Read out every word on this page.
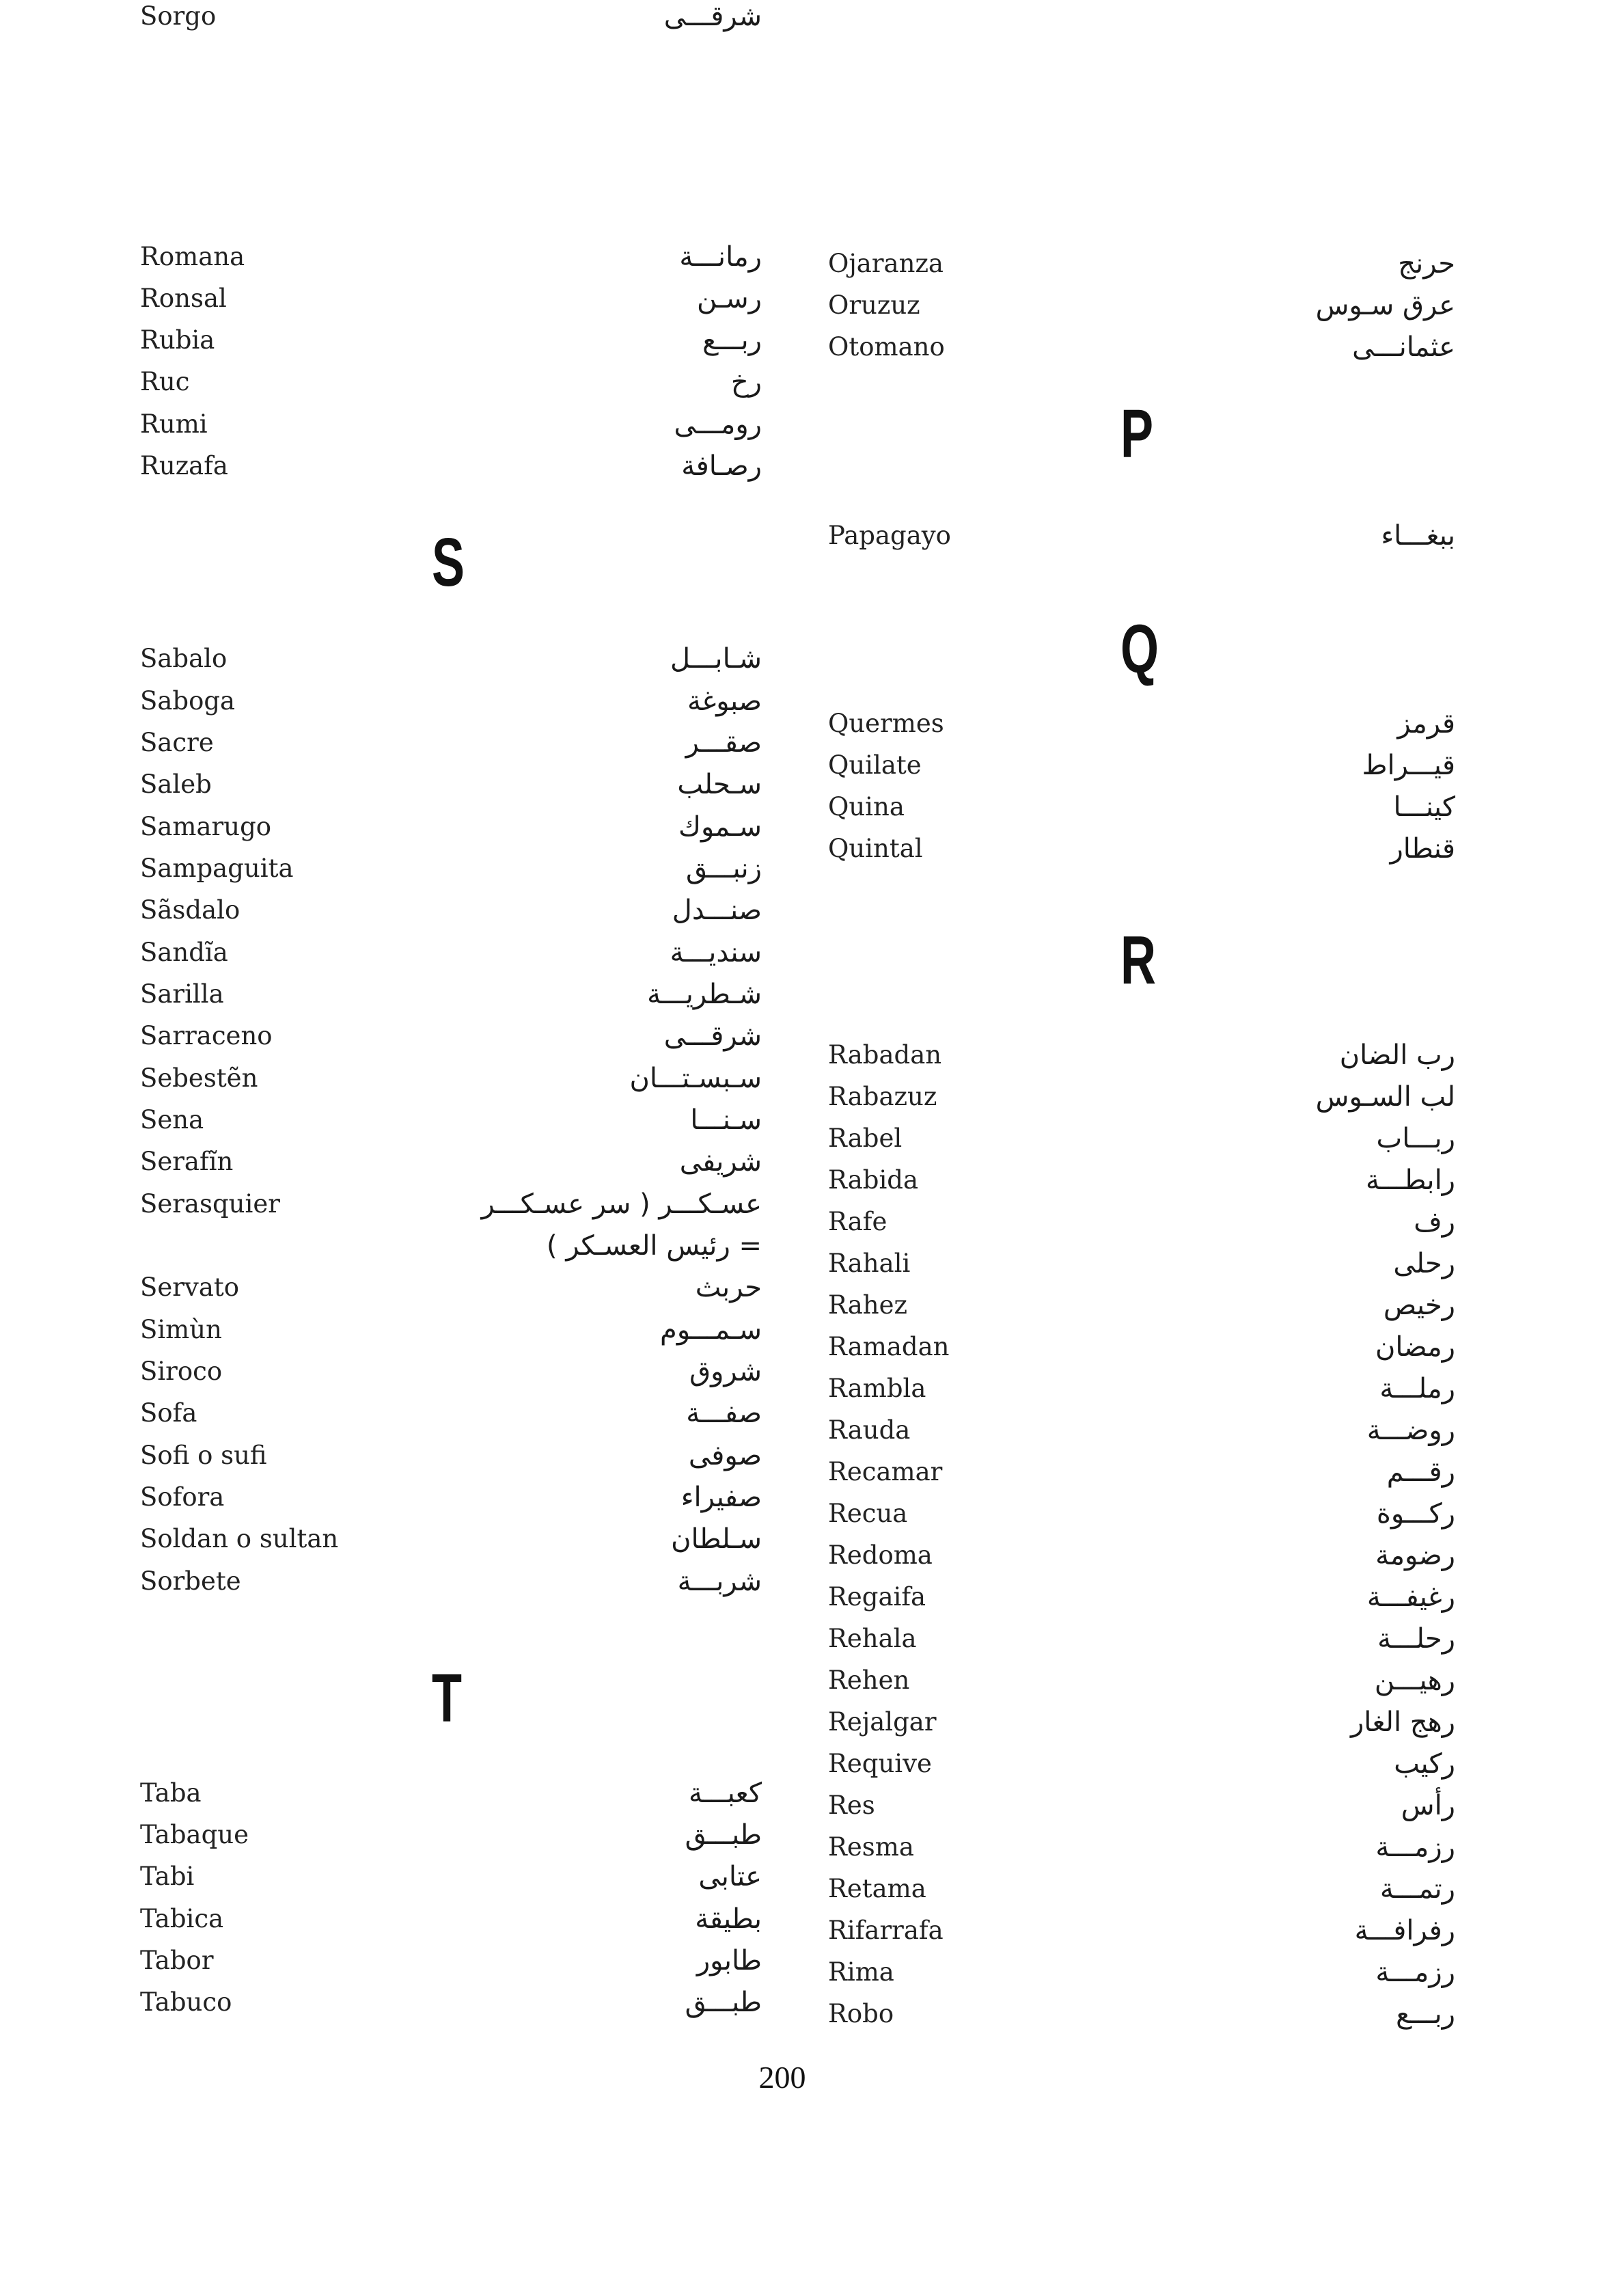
Romana	رمانـــة
Ronsal	رسـن
Rubia	ربـــع
Ruc	رخ
Rumi	رومـــى
Ruzafa	رصـافة
S
Sabalo	شـابـــل
Saboga	صبوغة
Sacre	صقـــر
Saleb	سـحلب
Samarugo	سـموك
Sampaguita	زنبـــق
Sãsdalo	صنـــدل
Sandĩa	سنديـــة
Sarilla	شـطريـــة
Sarraceno	شرقـــى
Sebestẽn	سـبسـتـــان
Sena	سـنـــا
Serafĩn	شريفى
Serasquier	عسـكـــر ( سر عسـكـــر
= رئيس العسـكر )
Servato	حربث
Simùn	سـمـــوم
Siroco	شروق
Sofa	صفـــة
Sofi o sufi	صوفى
Sofora	صفيراء
Soldan o sultan	سـلطان
Sorbete	شربـــة
Sorgo	شرقـــى
T
Taba	كعبـــة
Tabaque	طبـــق
Tabi	عتابى
Tabica	بطيقة
Tabor	طابور
Tabuco	طبـــق
Ojaranza	حرنج
Oruzuz	عرق سـوس
Otomano	عثمانـــى
P
Papagayo	ببغـــاء
Q
Quermes	قرمز
Quilate	قيـــراط
Quina	كينـــا
Quintal	قنطار
R
Rabadan	رب الضان
Rabazuz	لب السـوس
Rabel	ربـــاب
Rabida	رابطـــة
Rafe	رف
Rahali	رحلى
Rahez	رخيص
Ramadan	رمضان
Rambla	رملـــة
Rauda	روضـــة
Recamar	رقـــم
Recua	ركـــوة
Redoma	رضومة
Regaifa	رغيفـــة
Rehala	رحلـــة
Rehen	رهيـــن
Rejalgar	رهج الغار
Requive	ركيب
Res	رأس
Resma	رزمـــة
Retama	رتمـــة
Rifarrafa	رفرافـــة
Rima	رزمـــة
Robo	ربـــع
200
